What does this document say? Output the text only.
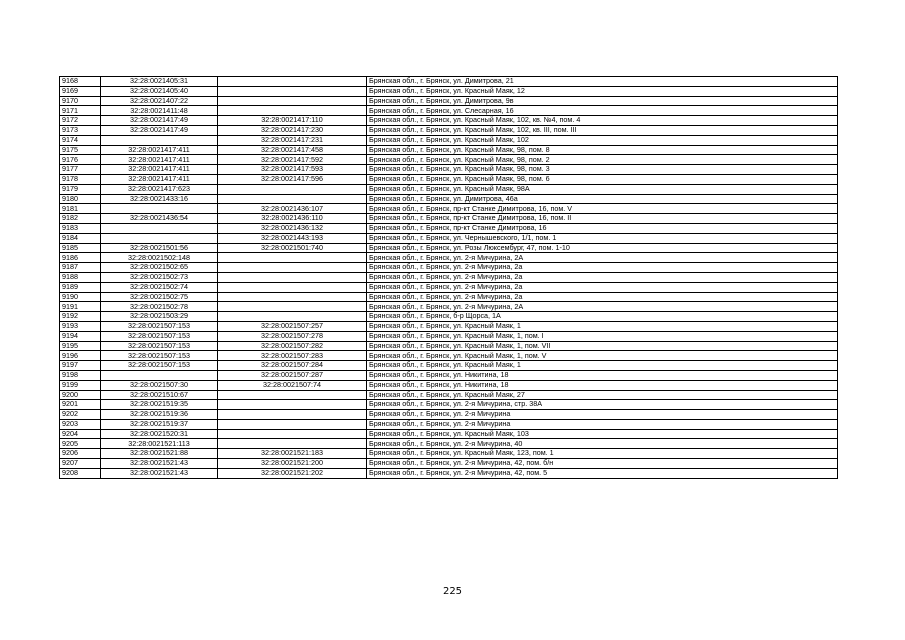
9168	32:28:0021405:31		Брянская обл., г. Брянск, ул. Димитрова, 21
9169	32:28:0021405:40		Брянская обл., г. Брянск, ул. Красный Маяк, 12
9170	32:28:0021407:22		Брянская обл., г. Брянск, ул. Димитрова, 9в
9171	32:28:0021411:48		Брянская обл., г. Брянск, ул. Слесарная, 16
9172	32:28:0021417:49	32:28:0021417:110	Брянская обл., г. Брянск, ул. Красный Маяк, 102, кв. №4, пом. 4
9173	32:28:0021417:49	32:28:0021417:230	Брянская обл., г. Брянск, ул. Красный Маяк, 102, кв. III, пом. III
9174		32:28:0021417:231	Брянская обл., г. Брянск, ул. Красный Маяк, 102
9175	32:28:0021417:411	32:28:0021417:458	Брянская обл., г. Брянск, ул. Красный Маяк, 98, пом. 8
9176	32:28:0021417:411	32:28:0021417:592	Брянская обл., г. Брянск, ул. Красный Маяк, 98, пом. 2
9177	32:28:0021417:411	32:28:0021417:593	Брянская обл., г. Брянск, ул. Красный Маяк, 98, пом. 3
9178	32:28:0021417:411	32:28:0021417:596	Брянская обл., г. Брянск, ул. Красный Маяк, 98, пом. 6
9179	32:28:0021417:623		Брянская обл., г. Брянск, ул. Красный Маяк, 98А
9180	32:28:0021433:16		Брянская обл., г. Брянск, ул. Димитрова, 46а
9181		32:28:0021436:107	Брянская обл., г. Брянск, пр-кт Станке Димитрова, 16, пом. V
9182	32:28:0021436:54	32:28:0021436:110	Брянская обл., г. Брянск, пр-кт Станке Димитрова, 16, пом. II
9183		32:28:0021436:132	Брянская обл., г. Брянск, пр-кт Станке Димитрова, 16
9184		32:28:0021443:193	Брянская обл., г. Брянск, ул. Чернышевского, 1/1, пом. 1
9185	32:28:0021501:56	32:28:0021501:740	Брянская обл., г. Брянск, ул. Розы Люксембург, 47, пом. 1-10
9186	32:28:0021502:148		Брянская обл., г. Брянск, ул. 2-я Мичурина, 2А
9187	32:28:0021502:65		Брянская обл., г. Брянск, ул. 2-я Мичурина, 2а
9188	32:28:0021502:73		Брянская обл., г. Брянск, ул. 2-я Мичурина, 2а
9189	32:28:0021502:74		Брянская обл., г. Брянск, ул. 2-я Мичурина, 2а
9190	32:28:0021502:75		Брянская обл., г. Брянск, ул. 2-я Мичурина, 2а
9191	32:28:0021502:78		Брянская обл., г. Брянск, ул. 2-я Мичурина, 2А
9192	32:28:0021503:29		Брянская обл., г. Брянск, б-р Щорса, 1А
9193	32:28:0021507:153	32:28:0021507:257	Брянская обл., г. Брянск, ул. Красный Маяк, 1
9194	32:28:0021507:153	32:28:0021507:278	Брянская обл., г. Брянск, ул. Красный Маяк, 1, пом. I
9195	32:28:0021507:153	32:28:0021507:282	Брянская обл., г. Брянск, ул. Красный Маяк, 1, пом. VII
9196	32:28:0021507:153	32:28:0021507:283	Брянская обл., г. Брянск, ул. Красный Маяк, 1, пом. V
9197	32:28:0021507:153	32:28:0021507:284	Брянская обл., г. Брянск, ул. Красный Маяк, 1
9198		32:28:0021507:287	Брянская обл., г. Брянск, ул. Никитина, 18
9199	32:28:0021507:30	32:28:0021507:74	Брянская обл., г. Брянск, ул. Никитина, 18
9200	32:28:0021510:67		Брянская обл., г. Брянск, ул. Красный Маяк, 27
9201	32:28:0021519:35		Брянская обл., г. Брянск, ул. 2-я Мичурина, стр. 38А
9202	32:28:0021519:36		Брянская обл., г. Брянск, ул. 2-я Мичурина
9203	32:28:0021519:37		Брянская обл., г. Брянск, ул. 2-я Мичурина
9204	32:28:0021520:31		Брянская обл., г. Брянск, ул. Красный Маяк, 103
9205	32:28:0021521:113		Брянская обл., г. Брянск, ул. 2-я Мичурина, 40
9206	32:28:0021521:88	32:28:0021521:183	Брянская обл., г. Брянск, ул. Красный Маяк, 123, пом. 1
9207	32:28:0021521:43	32:28:0021521:200	Брянская обл., г. Брянск, ул. 2-я Мичурина, 42, пом. б/н
9208	32:28:0021521:43	32:28:0021521:202	Брянская обл., г. Брянск, ул. 2-я Мичурина, 42, пом. 5
225
